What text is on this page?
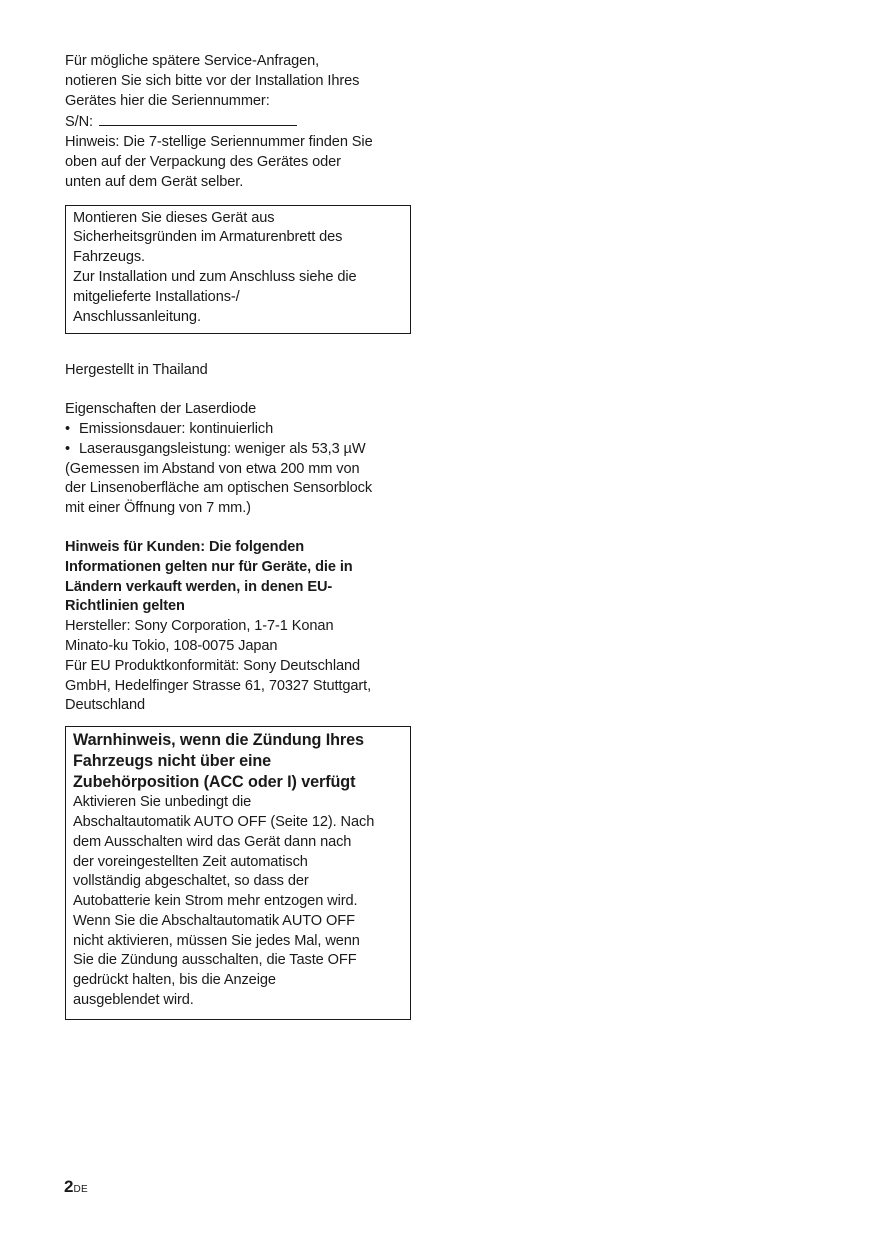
Für mögliche spätere Service-Anfragen,
notieren Sie sich bitte vor der Installation Ihres
Gerätes hier die Seriennummer:
S/N:
Hinweis: Die 7-stellige Seriennummer finden Sie
oben auf der Verpackung des Gerätes oder
unten auf dem Gerät selber.
Montieren Sie dieses Gerät aus
Sicherheitsgründen im Armaturenbrett des
Fahrzeugs.
Zur Installation und zum Anschluss siehe die
mitgelieferte Installations-/
Anschlussanleitung.
Hergestellt in Thailand
Eigenschaften der Laserdiode
• Emissionsdauer: kontinuierlich
• Laserausgangsleistung: weniger als 53,3 µW
(Gemessen im Abstand von etwa 200 mm von
der Linsenoberfläche am optischen Sensorblock
mit einer Öffnung von 7 mm.)
Hinweis für Kunden: Die folgenden
Informationen gelten nur für Geräte, die in
Ländern verkauft werden, in denen EU-
Richtlinien gelten
Hersteller: Sony Corporation, 1-7-1 Konan
Minato-ku Tokio, 108-0075 Japan
Für EU Produktkonformität: Sony Deutschland
GmbH, Hedelfinger Strasse 61, 70327 Stuttgart,
Deutschland
Warnhinweis, wenn die Zündung Ihres
Fahrzeugs nicht über eine
Zubehörposition (ACC oder I) verfügt
Aktivieren Sie unbedingt die
Abschaltautomatik AUTO OFF (Seite 12). Nach
dem Ausschalten wird das Gerät dann nach
der voreingestellten Zeit automatisch
vollständig abgeschaltet, so dass der
Autobatterie kein Strom mehr entzogen wird.
Wenn Sie die Abschaltautomatik AUTO OFF
nicht aktivieren, müssen Sie jedes Mal, wenn
Sie die Zündung ausschalten, die Taste OFF
gedrückt halten, bis die Anzeige
ausgeblendet wird.
2DE
